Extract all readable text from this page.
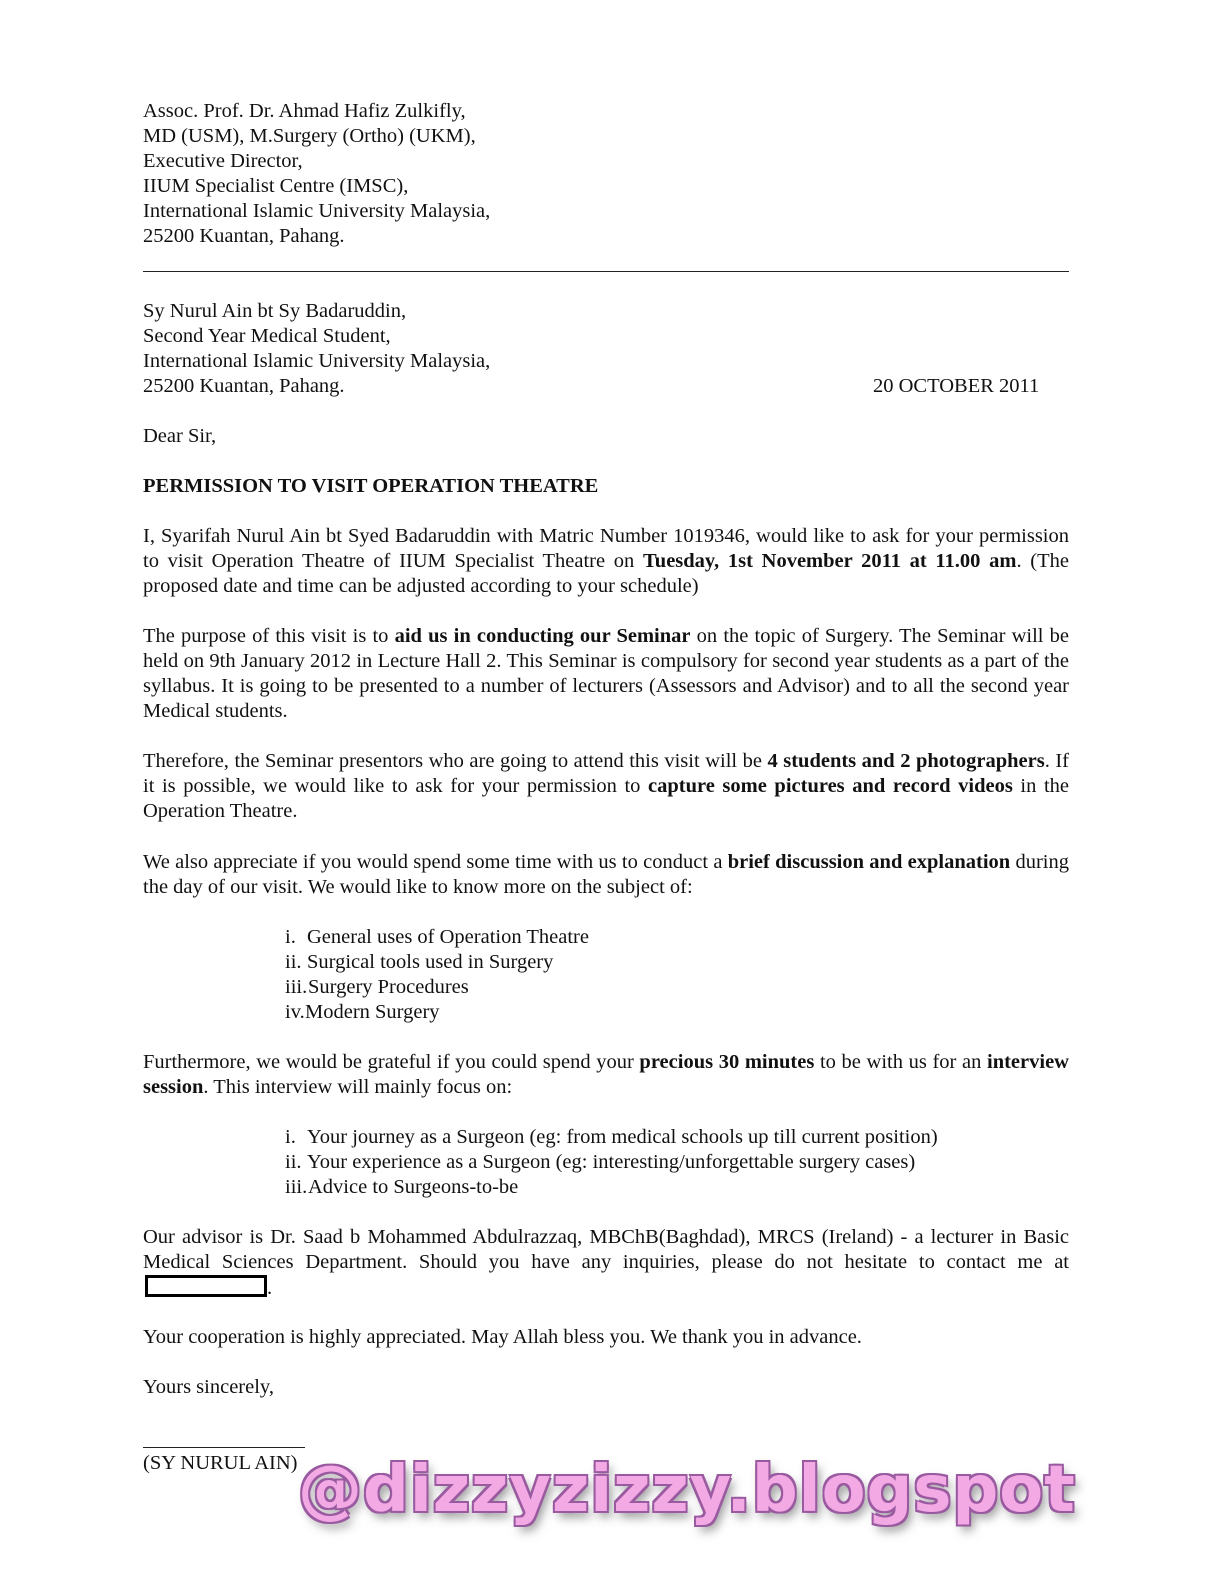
Assoc. Prof. Dr. Ahmad Hafiz Zulkifly,
MD (USM), M.Surgery (Ortho) (UKM),
Executive Director,
IIUM Specialist Centre (IMSC),
International Islamic University Malaysia,
25200 Kuantan, Pahang.
Sy Nurul Ain bt Sy Badaruddin,
Second Year Medical Student,
International Islamic University Malaysia,
25200 Kuantan, Pahang.	20 OCTOBER 2011
Dear Sir,
PERMISSION TO VISIT OPERATION THEATRE
I, Syarifah Nurul Ain bt Syed Badaruddin with Matric Number 1019346, would like to ask for your permission to visit Operation Theatre of IIUM Specialist Theatre on Tuesday, 1st November 2011 at 11.00 am. (The proposed date and time can be adjusted according to your schedule)
The purpose of this visit is to aid us in conducting our Seminar on the topic of Surgery. The Seminar will be held on 9th January 2012 in Lecture Hall 2. This Seminar is compulsory for second year students as a part of the syllabus. It is going to be presented to a number of lecturers (Assessors and Advisor) and to all the second year Medical students.
Therefore, the Seminar presentors who are going to attend this visit will be 4 students and 2 photographers. If it is possible, we would like to ask for your permission to capture some pictures and record videos in the Operation Theatre.
We also appreciate if you would spend some time with us to conduct a brief discussion and explanation during the day of our visit. We would like to know more on the subject of:
i. General uses of Operation Theatre
ii. Surgical tools used in Surgery
iii.Surgery Procedures
iv.Modern Surgery
Furthermore, we would be grateful if you could spend your precious 30 minutes to be with us for an interview session. This interview will mainly focus on:
i. Your journey as a Surgeon (eg: from medical schools up till current position)
ii. Your experience as a Surgeon (eg: interesting/unforgettable surgery cases)
iii.Advice to Surgeons-to-be
Our advisor is Dr. Saad b Mohammed Abdulrazzaq, MBChB(Baghdad), MRCS (Ireland) - a lecturer in Basic Medical Sciences Department. Should you have any inquiries, please do not hesitate to contact me at.
Your cooperation is highly appreciated. May Allah bless you. We thank you in advance.
Yours sincerely,
(SY NURUL AIN) @dizzyzizzy.blogspot
